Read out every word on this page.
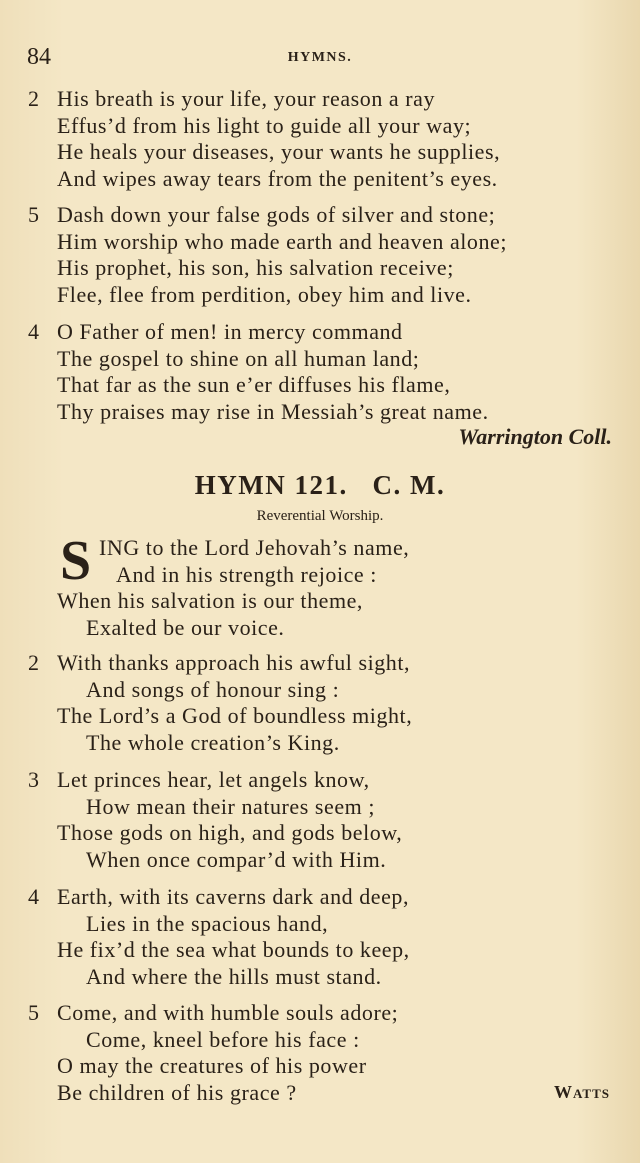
84	HYMNS.
2 His breath is your life, your reason a ray
Effus’d from his light to guide all your way;
He heals your diseases, your wants he supplies,
And wipes away tears from the penitent’s eyes.
5 Dash down your false gods of silver and stone;
Him worship who made earth and heaven alone;
His prophet, his son, his salvation receive;
Flee, flee from perdition, obey him and live.
4 O Father of men! in mercy command
The gospel to shine on all human land;
That far as the sun e’er diffuses his flame,
Thy praises may rise in Messiah’s great name.
Warrington Coll.
HYMN 121.   C. M.
Reverential Worship.
S ING to the Lord Jehovah’s name,
And in his strength rejoice :
When his salvation is our theme,
Exalted be our voice.
2 With thanks approach his awful sight,
And songs of honour sing :
The Lord’s a God of boundless might,
The whole creation’s King.
3 Let princes hear, let angels know,
How mean their natures seem ;
Those gods on high, and gods below,
When once compar’d with Him.
4 Earth, with its caverns dark and deep,
Lies in the spacious hand,
He fix’d the sea what bounds to keep,
And where the hills must stand.
5 Come, and with humble souls adore;
Come, kneel before his face :
O may the creatures of his power
Be children of his grace ?	Watts
